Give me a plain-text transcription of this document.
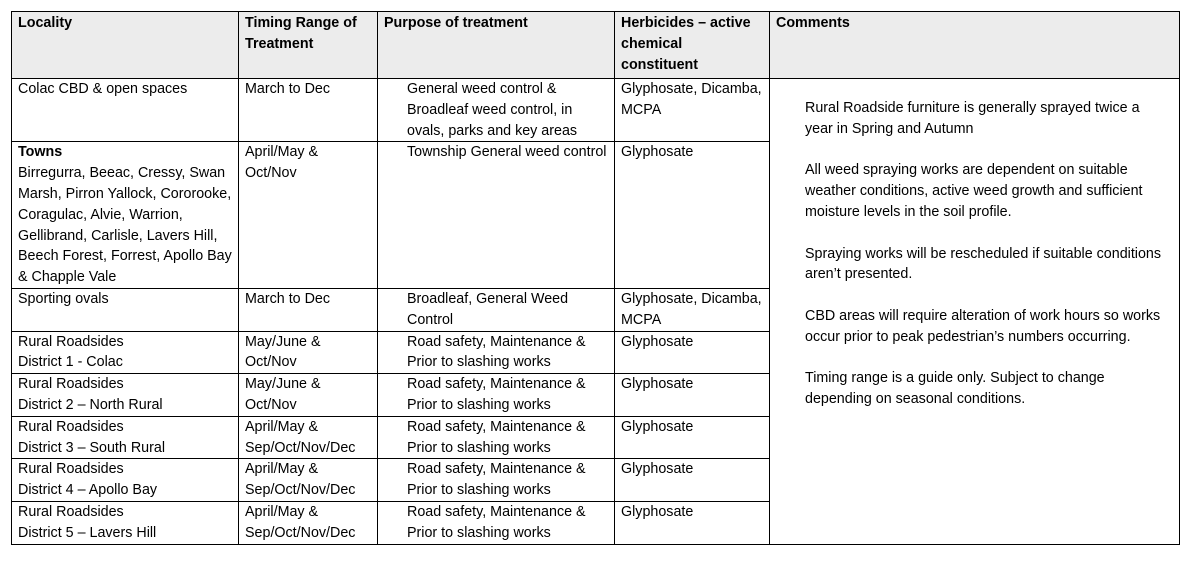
Locality	Timing Range of Treatment	Purpose of treatment	Herbicides – active chemical constituent	Comments
Colac CBD & open spaces	March to Dec	General weed control & Broadleaf weed control, in ovals, parks and key areas	Glyphosate, Dicamba, MCPA	Rural Roadside furniture is generally sprayed twice a year in Spring and Autumn

All weed spraying works are dependent on suitable weather conditions, active weed growth and sufficient moisture levels in the soil profile.

Spraying works will be rescheduled if suitable conditions aren’t presented.

CBD areas will require alteration of work hours so works occur prior to peak pedestrian’s numbers occurring.

Timing range is a guide only. Subject to change depending on seasonal conditions.

Towns
Birregurra, Beeac, Cressy, Swan Marsh, Pirron Yallock, Cororooke, Coragulac, Alvie, Warrion, Gellibrand, Carlisle, Lavers Hill, Beech Forest, Forrest, Apollo Bay & Chapple Vale	April/May & Oct/Nov	Township General weed control	Glyphosate	
Sporting ovals	March to Dec	Broadleaf, General Weed Control	Glyphosate, Dicamba, MCPA	

Rural Roadsides
District 1 - Colac	May/June & Oct/Nov	Road safety, Maintenance & Prior to slashing works	Glyphosate	

Rural Roadsides
District 2 – North Rural	May/June & Oct/Nov	Road safety, Maintenance & Prior to slashing works	Glyphosate	

Rural Roadsides
District 3 – South Rural	April/May & Sep/Oct/Nov/Dec	Road safety, Maintenance & Prior to slashing works	Glyphosate	

Rural Roadsides
District 4 – Apollo Bay	April/May & Sep/Oct/Nov/Dec	Road safety, Maintenance & Prior to slashing works	Glyphosate	

Rural Roadsides
District 5 – Lavers Hill	April/May & Sep/Oct/Nov/Dec	Road safety, Maintenance & Prior to slashing works	Glyphosate	
